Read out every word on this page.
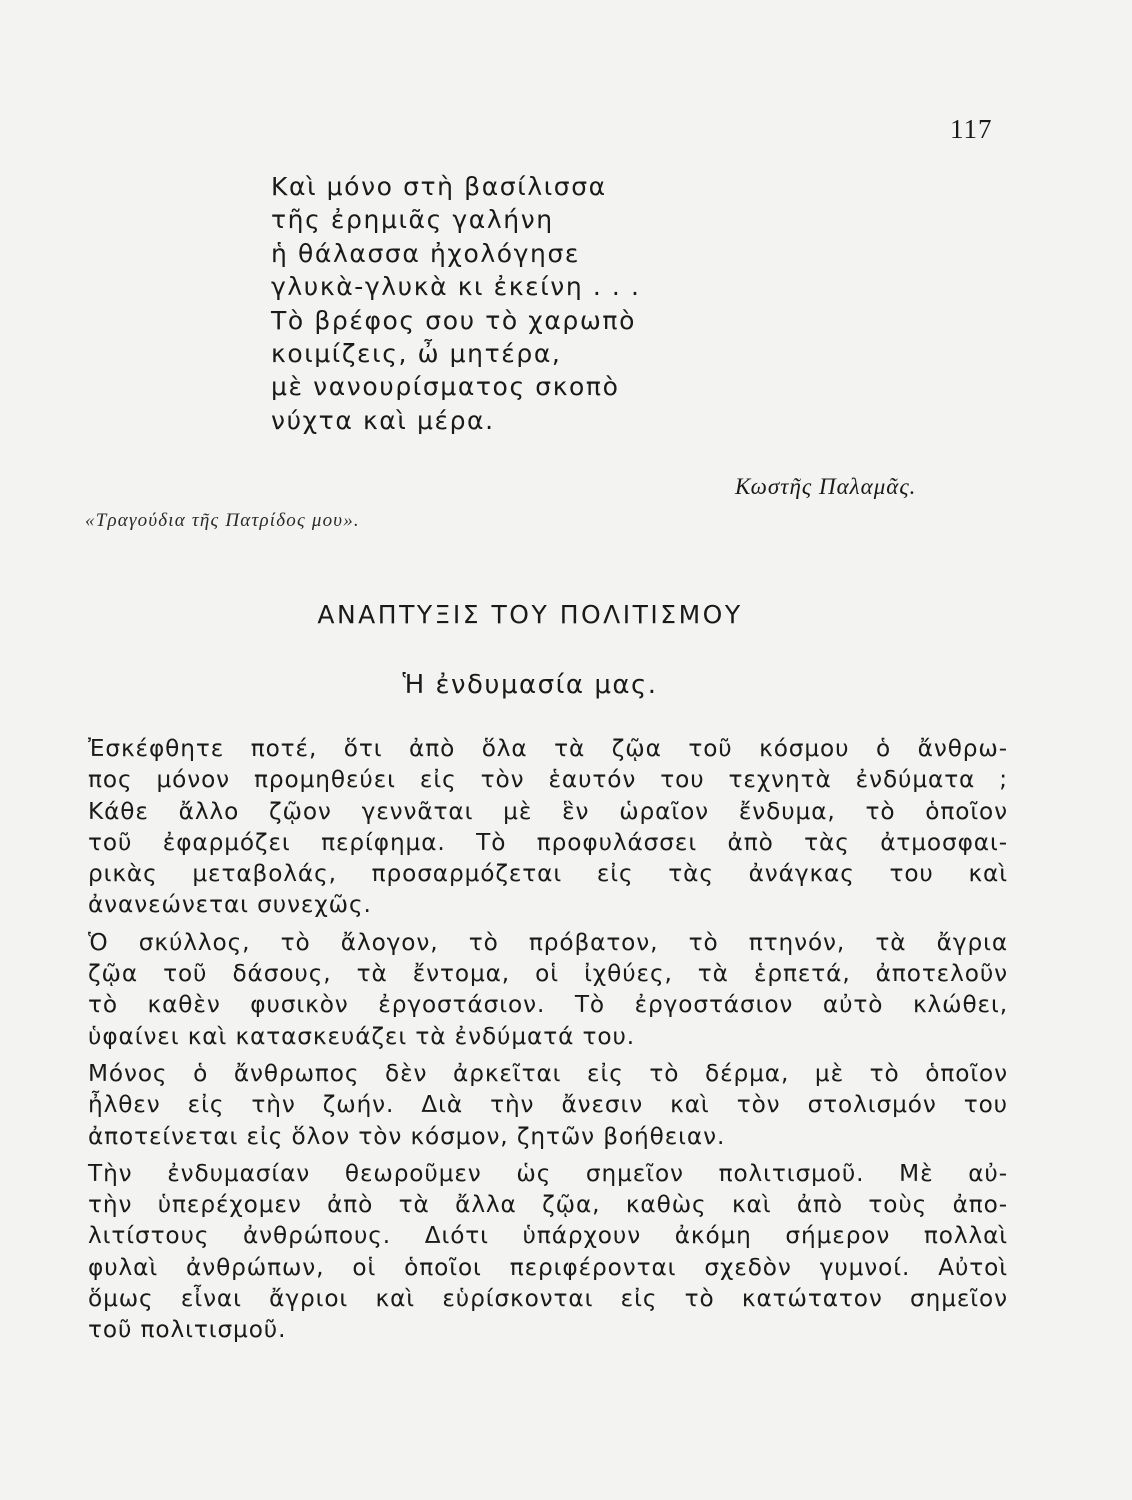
117
Καὶ μόνο στὴ βασίλισσα
τῆς ἐρημιᾶς γαλήνη
ἡ θάλασσα ἠχολόγησε
γλυκὰ-γλυκὰ κι ἐκείνη . . .
Τὸ βρέφος σου τὸ χαρωπὸ
κοιμίζεις, ὦ μητέρα,
μὲ νανουρίσματος σκοπὸ
νύχτα καὶ μέρα.
Κωστῆς Παλαμᾶς.
«Τραγούδια τῆς Πατρίδος μου».
ΑΝΑΠΤΥΞΙΣ ΤΟΥ ΠΟΛΙΤΙΣΜΟΥ
Ἡ ἐνδυμασία μας.
Ἐσκέφθητε ποτέ, ὅτι ἀπὸ ὅλα τὰ ζῷα τοῦ κόσμου ὁ ἄνθρω-
πος μόνον προμηθεύει εἰς τὸν ἑαυτόν του τεχνητὰ ἐνδύματα ;
Κάθε ἄλλο ζῷον γεννᾶται μὲ ἓν ὡραῖον ἔνδυμα, τὸ ὁποῖον
τοῦ ἐφαρμόζει περίφημα. Τὸ προφυλάσσει ἀπὸ τὰς ἀτμοσφαι-
ρικὰς μεταβολάς, προσαρμόζεται εἰς τὰς ἀνάγκας του καὶ
ἀνανεώνεται συνεχῶς.
Ὁ σκύλλος, τὸ ἄλογον, τὸ πρόβατον, τὸ πτηνόν, τὰ ἄγρια
ζῷα τοῦ δάσους, τὰ ἔντομα, οἱ ἰχθύες, τὰ ἑρπετά, ἀποτελοῦν
τὸ καθὲν φυσικὸν ἐργοστάσιον. Τὸ ἐργοστάσιον αὐτὸ κλώθει,
ὑφαίνει καὶ κατασκευάζει τὰ ἐνδύματά του.
Μόνος ὁ ἄνθρωπος δὲν ἀρκεῖται εἰς τὸ δέρμα, μὲ τὸ ὁποῖον
ἦλθεν εἰς τὴν ζωήν. Διὰ τὴν ἄνεσιν καὶ τὸν στολισμόν του
ἀποτείνεται εἰς ὅλον τὸν κόσμον, ζητῶν βοήθειαν.
Τὴν ἐνδυμασίαν θεωροῦμεν ὡς σημεῖον πολιτισμοῦ. Μὲ αὐ-
τὴν ὑπερέχομεν ἀπὸ τὰ ἄλλα ζῷα, καθὼς καὶ ἀπὸ τοὺς ἀπο-
λιτίστους ἀνθρώπους. Διότι ὑπάρχουν ἀκόμη σήμερον πολλαὶ
φυλαὶ ἀνθρώπων, οἱ ὁποῖοι περιφέρονται σχεδὸν γυμνοί. Αὐτοὶ
ὅμως εἶναι ἄγριοι καὶ εὑρίσκονται εἰς τὸ κατώτατον σημεῖον
τοῦ πολιτισμοῦ.
